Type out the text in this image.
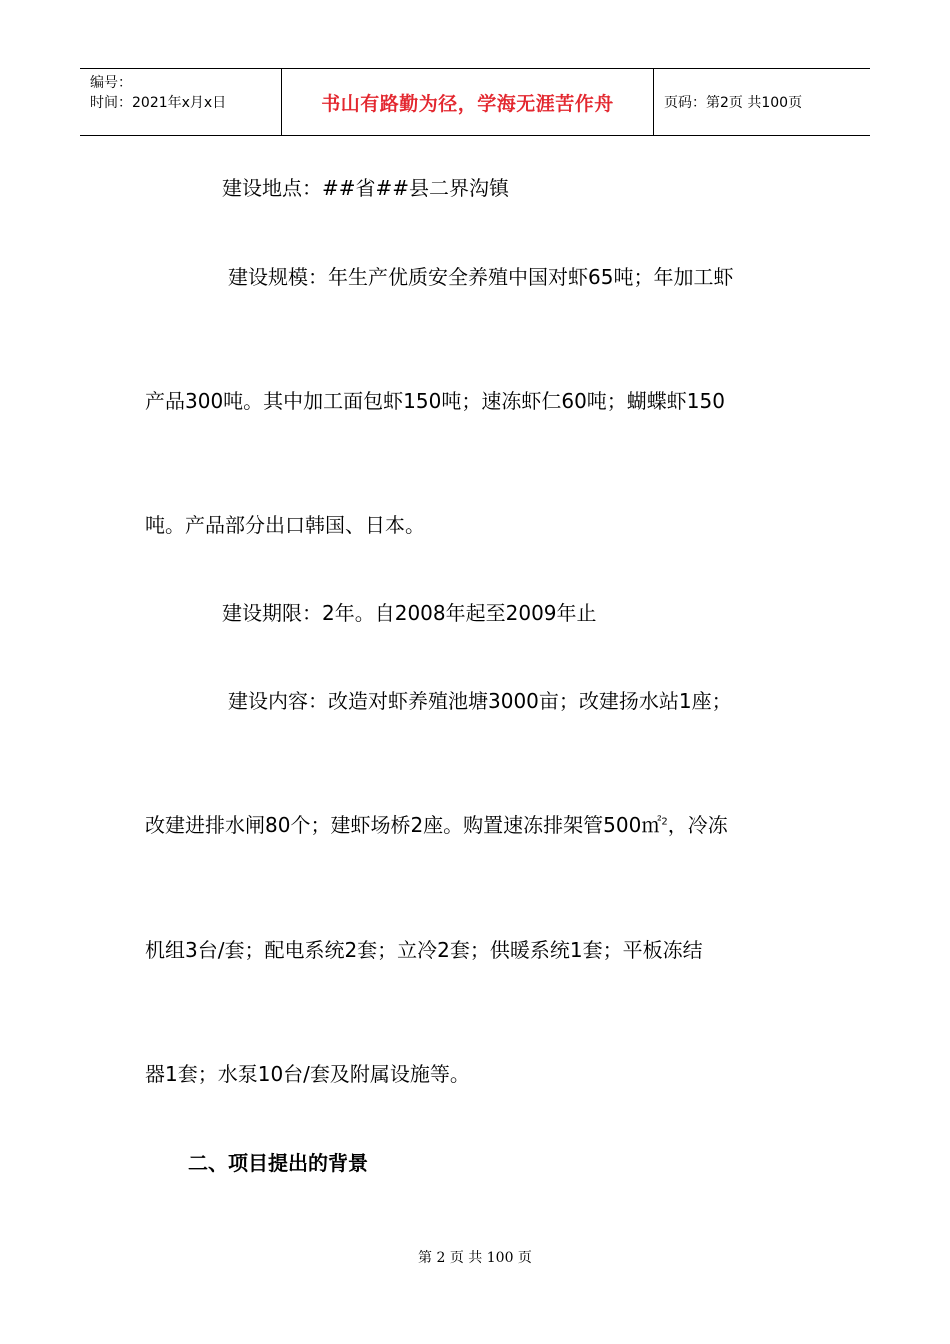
编号：
时间：2021年x月x日	书山有路勤为径，学海无涯苦作舟	页码：第2页 共100页
建设地点：##省##县二界沟镇
建设规模：年生产优质安全养殖中国对虾65吨；年加工虾
产品300吨。其中加工面包虾150吨；速冻虾仁60吨；蝴蝶虾150
吨。产品部分出口韩国、日本。
建设期限：2年。自2008年起至2009年止
建设内容：改造对虾养殖池塘3000亩；改建扬水站1座；
改建进排水闸80个；建虾场桥2座。购置速冻排架管500㎡$^2$，冷冻
机组3台/套；配电系统2套；立冷2套；供暖系统1套；平板冻结
器1套；水泵10台/套及附属设施等。
二、项目提出的背景
第 2 页 共 100 页
